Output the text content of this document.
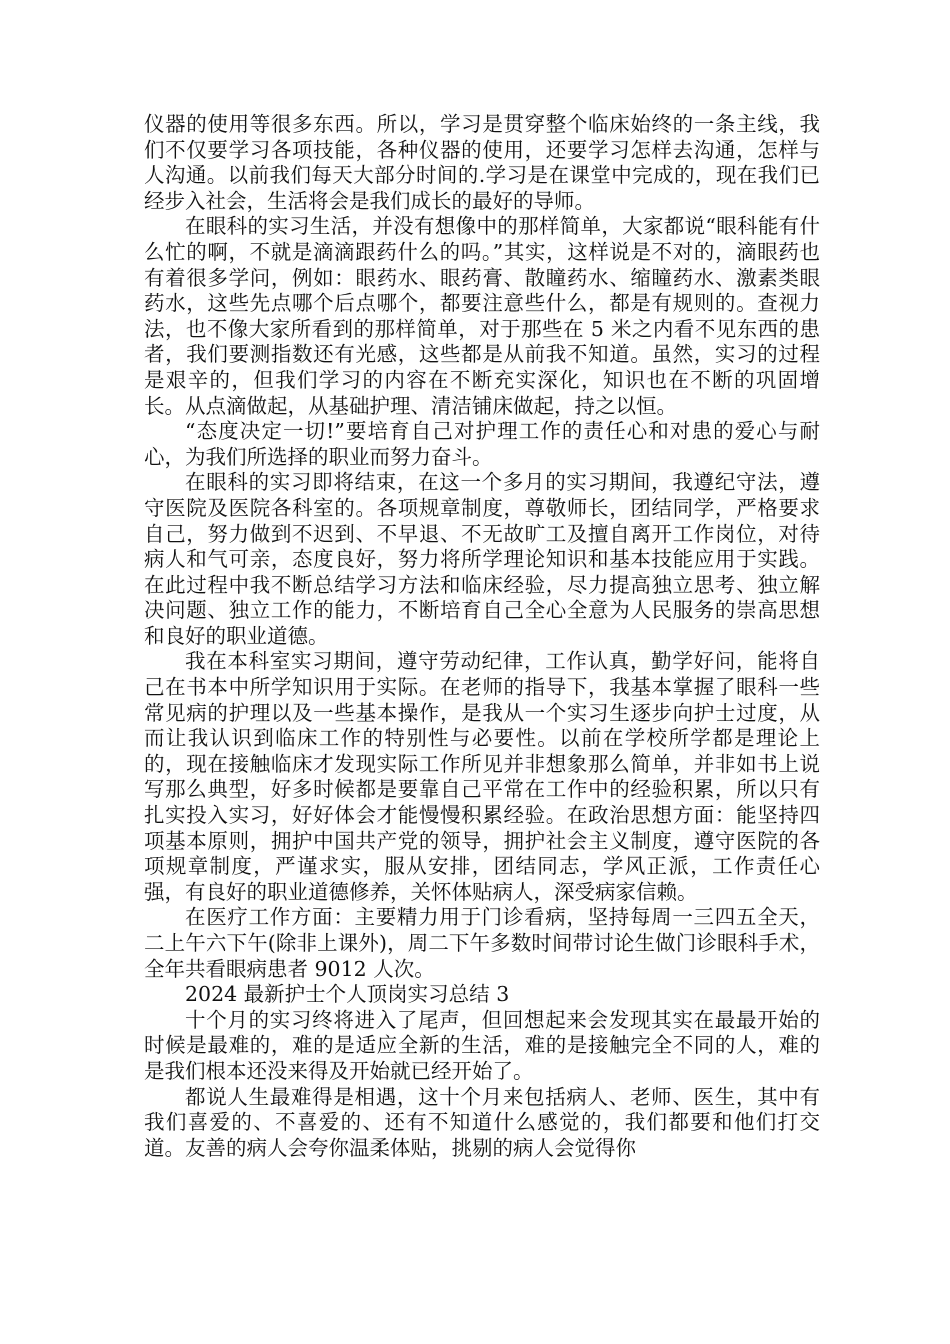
仪器的使用等很多东西。所以，学习是贯穿整个临床始终的一条主线，我们不仅要学习各项技能，各种仪器的使用，还要学习怎样去沟通，怎样与人沟通。以前我们每天大部分时间的.学习是在课堂中完成的，现在我们已经步入社会，生活将会是我们成长的最好的导师。

在眼科的实习生活，并没有想像中的那样简单，大家都说“眼科能有什么忙的啊，不就是滴滴跟药什么的吗。”其实，这样说是不对的，滴眼药也有着很多学问，例如：眼药水、眼药膏、散瞳药水、缩瞳药水、激素类眼药水，这些先点哪个后点哪个，都要注意些什么，都是有规则的。查视力法，也不像大家所看到的那样简单，对于那些在 5 米之内看不见东西的患者，我们要测指数还有光感，这些都是从前我不知道。虽然，实习的过程是艰辛的，但我们学习的内容在不断充实深化，知识也在不断的巩固增长。从点滴做起，从基础护理、清洁铺床做起，持之以恒。

“态度决定一切!”要培育自己对护理工作的责任心和对患的爱心与耐心，为我们所选择的职业而努力奋斗。

在眼科的实习即将结束，在这一个多月的实习期间，我遵纪守法，遵守医院及医院各科室的。各项规章制度，尊敬师长，团结同学，严格要求自己，努力做到不迟到、不早退、不无故旷工及擅自离开工作岗位，对待病人和气可亲，态度良好，努力将所学理论知识和基本技能应用于实践。在此过程中我不断总结学习方法和临床经验，尽力提高独立思考、独立解决问题、独立工作的能力，不断培育自己全心全意为人民服务的崇高思想和良好的职业道德。

我在本科室实习期间，遵守劳动纪律，工作认真，勤学好问，能将自己在书本中所学知识用于实际。在老师的指导下，我基本掌握了眼科一些常见病的护理以及一些基本操作，是我从一个实习生逐步向护士过度，从而让我认识到临床工作的特别性与必要性。以前在学校所学都是理论上的，现在接触临床才发现实际工作所见并非想象那么简单，并非如书上说写那么典型，好多时候都是要靠自己平常在工作中的经验积累，所以只有扎实投入实习，好好体会才能慢慢积累经验。在政治思想方面：能坚持四项基本原则，拥护中国共产党的领导，拥护社会主义制度，遵守医院的各项规章制度，严谨求实，服从安排，团结同志，学风正派，工作责任心强，有良好的职业道德修养，关怀体贴病人，深受病家信赖。

在医疗工作方面：主要精力用于门诊看病，坚持每周一三四五全天，二上午六下午(除非上课外)，周二下午多数时间带讨论生做门诊眼科手术，全年共看眼病患者 9012 人次。

2024 最新护士个人顶岗实习总结 3

十个月的实习终将进入了尾声，但回想起来会发现其实在最最开始的时候是最难的，难的是适应全新的生活，难的是接触完全不同的人，难的是我们根本还没来得及开始就已经开始了。

都说人生最难得是相遇，这十个月来包括病人、老师、医生，其中有我们喜爱的、不喜爱的、还有不知道什么感觉的，我们都要和他们打交道。友善的病人会夸你温柔体贴，挑剔的病人会觉得你
